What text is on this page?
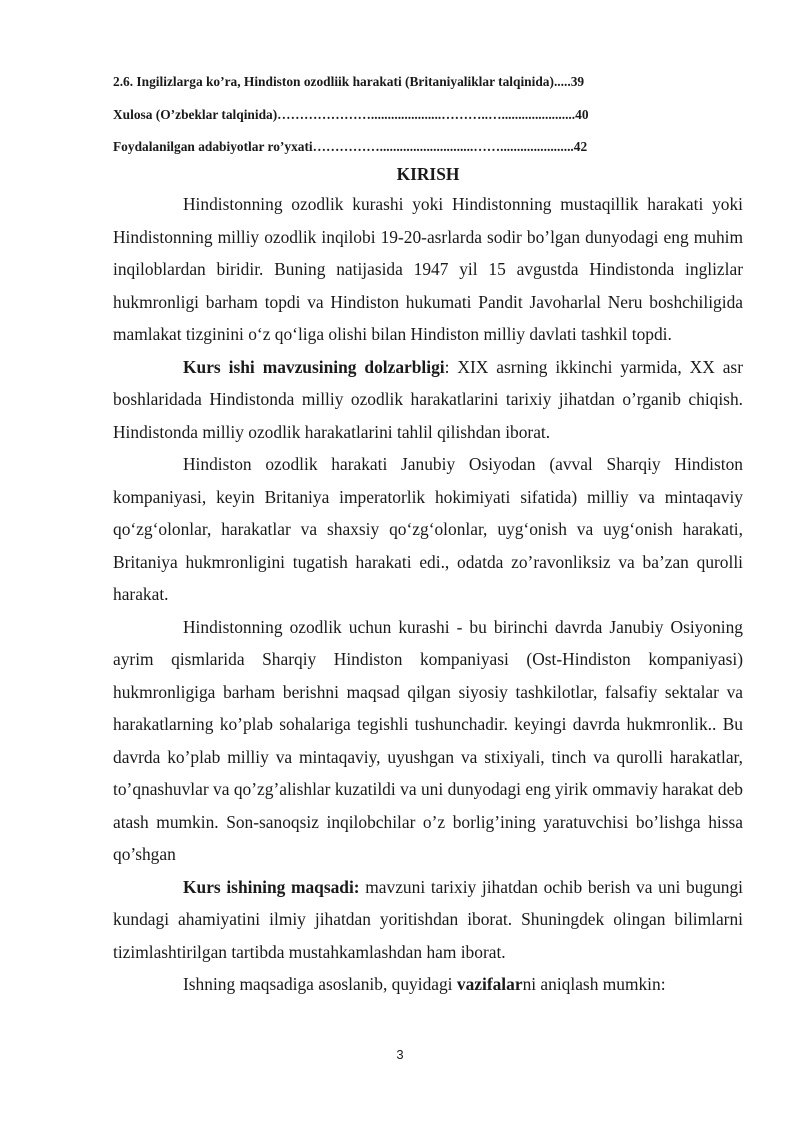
2.6. Ingilizlarga ko’ra, Hindiston ozodliik harakati (Britaniyaliklar talqinida).....39
Xulosa (O’zbeklar talqinida)………………….....................………..…......................40
Foydalanilgan adabiyotlar ro’yxati……………............................……......................42
KIRISH

Hindistonning ozodlik kurashi yoki Hindistonning mustaqillik harakati yoki Hindistonning milliy ozodlik inqilobi 19-20-asrlarda sodir bo’lgan dunyodagi eng muhim inqiloblardan biridir. Buning natijasida 1947 yil 15 avgustda Hindistonda inglizlar hukmronligi barham topdi va Hindiston hukumati Pandit Javoharlal Neru boshchiligida mamlakat tizginini o‘z qo‘liga olishi bilan Hindiston milliy davlati tashkil topdi.

Kurs ishi mavzusining dolzarbligi: XIX asrning ikkinchi yarmida, XX asr boshlaridada Hindistonda milliy ozodlik harakatlarini tarixiy jihatdan o’rganib chiqish. Hindistonda milliy ozodlik harakatlarini tahlil qilishdan iborat.

Hindiston ozodlik harakati Janubiy Osiyodan (avval Sharqiy Hindiston kompaniyasi, keyin Britaniya imperatorlik hokimiyati sifatida) milliy va mintaqaviy qo‘zg‘olonlar, harakatlar va shaxsiy qo‘zg‘olonlar, uyg‘onish va uyg‘onish harakati, Britaniya hukmronligini tugatish harakati edi., odatda zo’ravonliksiz va ba’zan qurolli harakat.

Hindistonning ozodlik uchun kurashi - bu birinchi davrda Janubiy Osiyoning ayrim qismlarida Sharqiy Hindiston kompaniyasi (Ost-Hindiston kompaniyasi) hukmronligiga barham berishni maqsad qilgan siyosiy tashkilotlar, falsafiy sektalar va harakatlarning ko’plab sohalariga tegishli tushunchadir. keyingi davrda hukmronlik.. Bu davrda ko’plab milliy va mintaqaviy, uyushgan va stixiyali, tinch va qurolli harakatlar, to’qnashuvlar va qo’zg’alishlar kuzatildi va uni dunyodagi eng yirik ommaviy harakat deb atash mumkin. Son-sanoqsiz inqilobchilar o’z borlig’ining yaratuvchisi bo’lishga hissa qo’shgan

Kurs ishining maqsadi: mavzuni tarixiy jihatdan ochib berish va uni bugungi kundagi ahamiyatini ilmiy jihatdan yoritishdan iborat. Shuningdek olingan bilimlarni tizimlashtirilgan tartibda mustahkamlashdan ham iborat.

Ishning maqsadiga asoslanib, quyidagi vazifalarni aniqlash mumkin:

3
